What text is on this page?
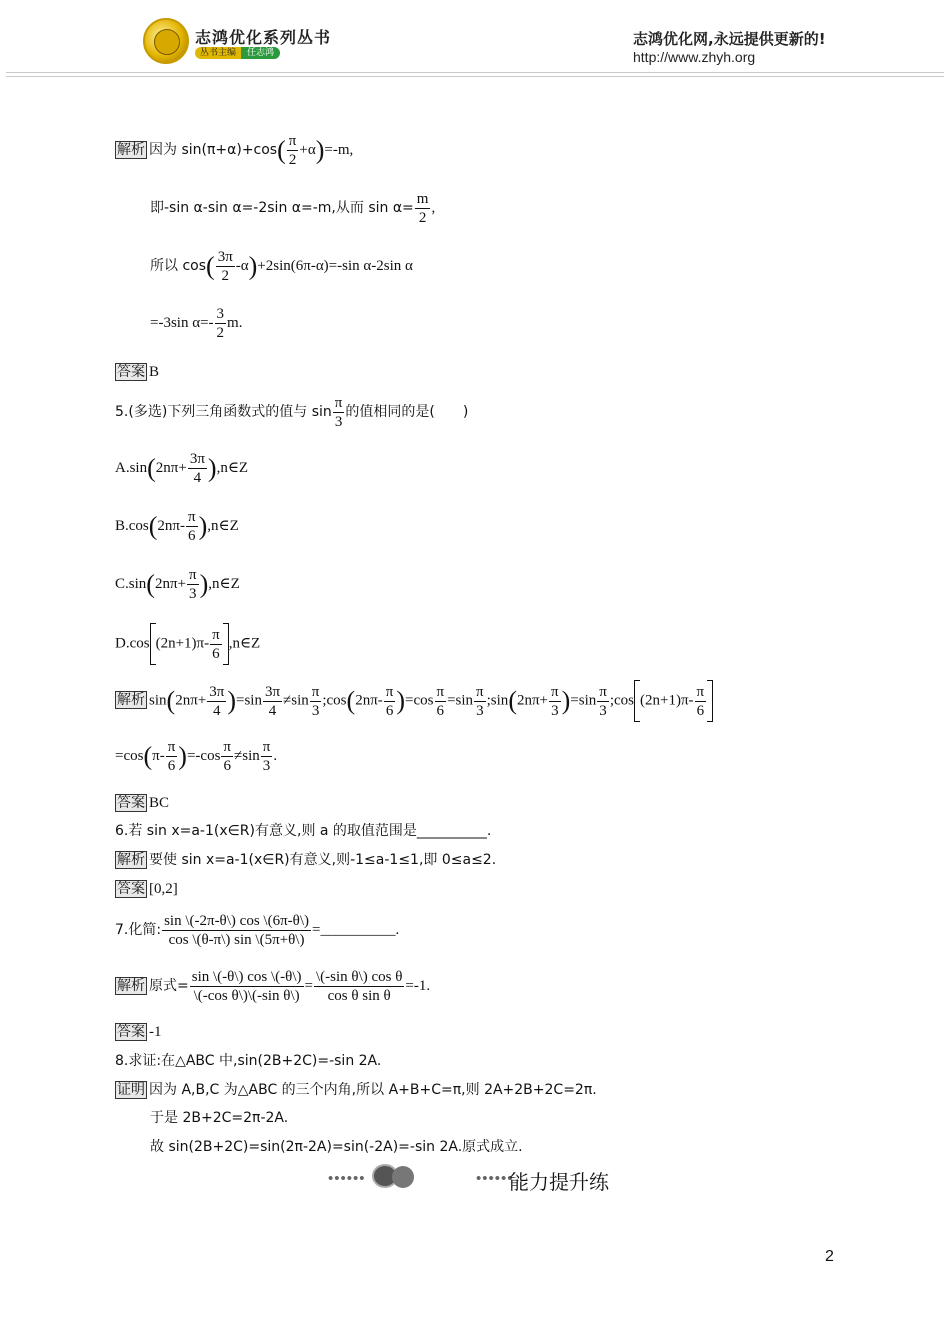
志鸿优化系列丛书
丛书主编	任志鸿
志鸿优化网,永远提供更新的!
http://www.zhyh.org
解析 因为 $\sin(\pi+\alpha)+\cos( \frac{\pi}{2} +\alpha)=-m$,
即-sin α-sin α=-2sin α=-m,从而 $\sin \alpha= \frac{m}{2}$ ,
所以 $\cos( \frac{3\pi}{2} -\alpha)+2\sin(6\pi-\alpha)=-\sin$ α-2sin α
=-3sin $\alpha=- \frac{3}{2} m$.
答案 B
5.(多选)下列三角函数式的值与 $\sin \frac{\pi}{3}$ 的值相同的是(　　)
$A.\sin(2n\pi+ \frac{3\pi}{4}$ ),n∈Z
$B.\cos(2n\pi- \frac{\pi}{6}$ ),n∈Z
$C.\sin(2n\pi+ \frac{\pi}{3}$ ),n∈Z
D.cos $(2n+1)\pi- \frac{\pi}{6}$ ,n∈Z
解析 $\sin(2n\pi+ \frac{3\pi}{4} )=\sin \frac{3\pi}{4} \ne\sin \frac{\pi}{3}$ ;cos(2nπ- $\frac{\pi}{6} )=\cos \frac{\pi}{6} =\sin \frac{\pi}{3}$ ;sin(2nπ+ $\frac{\pi}{3} )=\sin \frac{\pi}{3}$ ;cos $(2n+1)\pi- \frac{\pi}{6}$
$=\cos(\pi- \frac{\pi}{6} )=-\cos \frac{\pi}{6} \ne\sin \frac{\pi}{3}$ .
答案 BC
6.若 sin x=a-1(x∈R)有意义,则 a 的取值范围是__________.
解析 要使 sin x=a-1(x∈R)有意义,则-1≤a-1≤1,即 0≤a≤2.
答案 [0,2]
7.化简: $\frac{\sin \backslash(-2\pi-\theta\backslash) \cos \backslash(6\pi-\theta\backslash)}{\cos \backslash(\theta-\pi\backslash) \sin \backslash(5\pi+\theta\backslash)}$ =__________.
解析 原式= $\frac{\sin \backslash(-\theta\backslash) \cos \backslash(-\theta\backslash)}{\text{\textbackslash{}(-cos θ\textbackslash{})\textbackslash{}(-sin θ\textbackslash{})}} = \frac{\text{\textbackslash{}(-sin θ\textbackslash{}) cos θ}}{\text{cos θ sin θ}} =-1$.
答案 -1
8.求证:在△ABC 中,sin(2B+2C)=-sin 2A.
证明 因为 A,B,C 为△ABC 的三个内角,所以 A+B+C=π,则 2A+2B+2C=2π.
于是 2B+2C=2π-2A.
故 sin(2B+2C)=sin(2π-2A)=sin(-2A)=-sin 2A.原式成立.
••••••	••••••
能力提升练
2
